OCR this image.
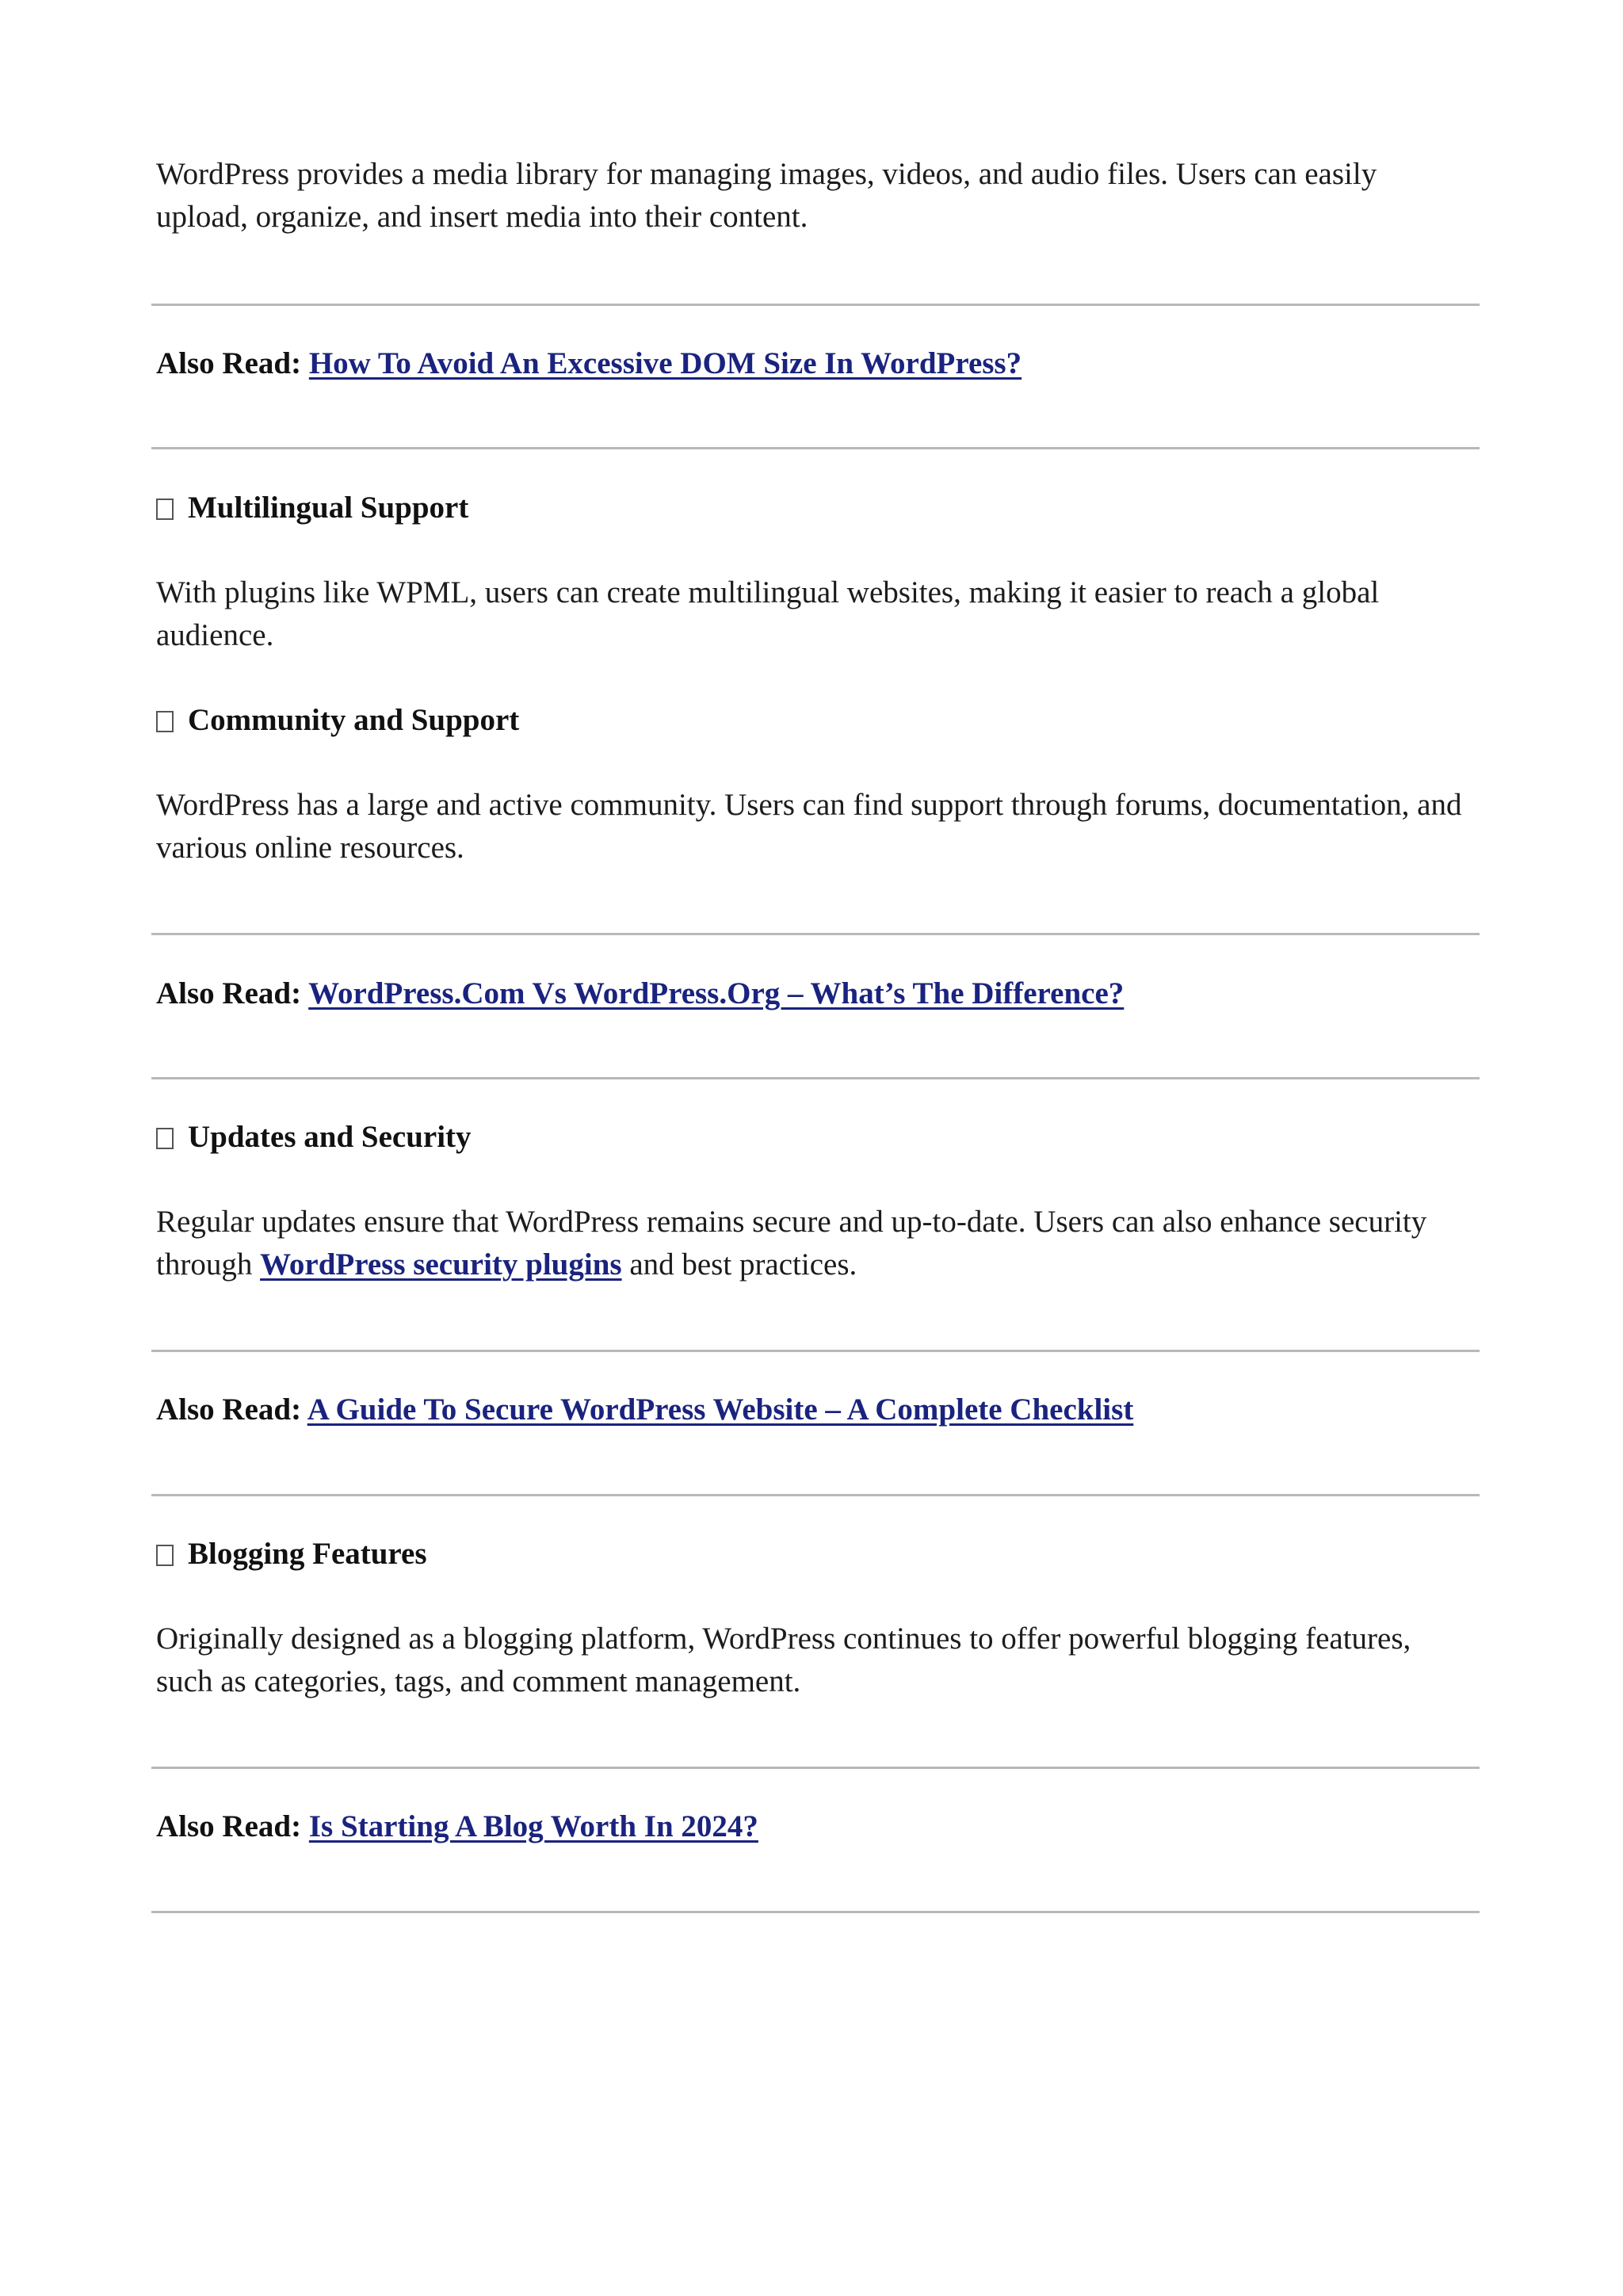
WordPress provides a media library for managing images, videos, and audio files. Users can easily upload, organize, and insert media into their content.

Also Read: How To Avoid An Excessive DOM Size In WordPress?

Multilingual Support

With plugins like WPML, users can create multilingual websites, making it easier to reach a global audience.

Community and Support

WordPress has a large and active community. Users can find support through forums, documentation, and various online resources.

Also Read: WordPress.Com Vs WordPress.Org – What’s The Difference?

Updates and Security

Regular updates ensure that WordPress remains secure and up-to-date. Users can also enhance security through WordPress security plugins and best practices.

Also Read: A Guide To Secure WordPress Website – A Complete Checklist

Blogging Features

Originally designed as a blogging platform, WordPress continues to offer powerful blogging features, such as categories, tags, and comment management.

Also Read: Is Starting A Blog Worth In 2024?
